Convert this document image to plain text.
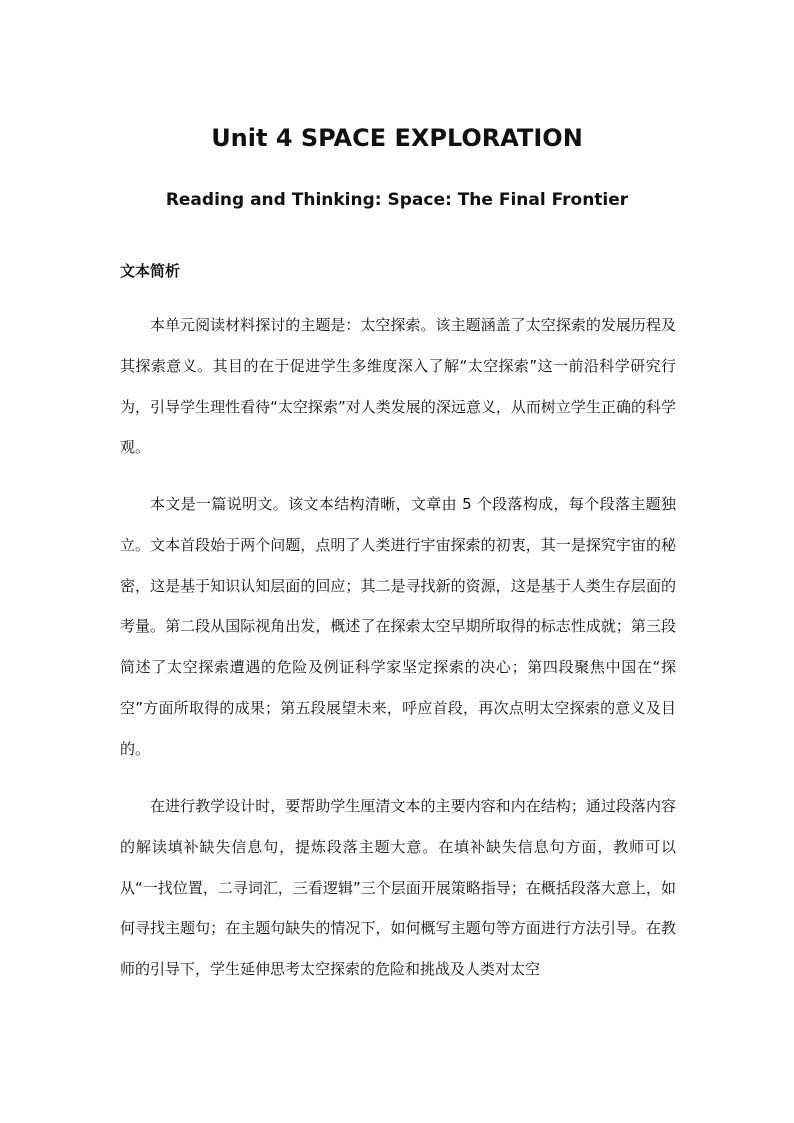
Unit 4 SPACE EXPLORATION
Reading and Thinking: Space: The Final Frontier
文本简析

本单元阅读材料探讨的主题是：太空探索。该主题涵盖了太空探索的发展历程及其探索意义。其目的在于促进学生多维度深入了解“太空探索”这一前沿科学研究行为，引导学生理性看待“太空探索”对人类发展的深远意义，从而树立学生正确的科学观。

本文是一篇说明文。该文本结构清晰，文章由 5 个段落构成，每个段落主题独立。文本首段始于两个问题，点明了人类进行宇宙探索的初衷，其一是探究宇宙的秘密，这是基于知识认知层面的回应；其二是寻找新的资源，这是基于人类生存层面的考量。第二段从国际视角出发，概述了在探索太空早期所取得的标志性成就；第三段简述了太空探索遭遇的危险及例证科学家坚定探索的决心；第四段聚焦中国在“探空”方面所取得的成果；第五段展望未来，呼应首段，再次点明太空探索的意义及目的。

在进行教学设计时，要帮助学生厘清文本的主要内容和内在结构；通过段落内容的解读填补缺失信息句，提炼段落主题大意。在填补缺失信息句方面，教师可以从“一找位置，二寻词汇，三看逻辑”三个层面开展策略指导；在概括段落大意上，如何寻找主题句；在主题句缺失的情况下，如何概写主题句等方面进行方法引导。在教师的引导下，学生延伸思考太空探索的危险和挑战及人类对太空
